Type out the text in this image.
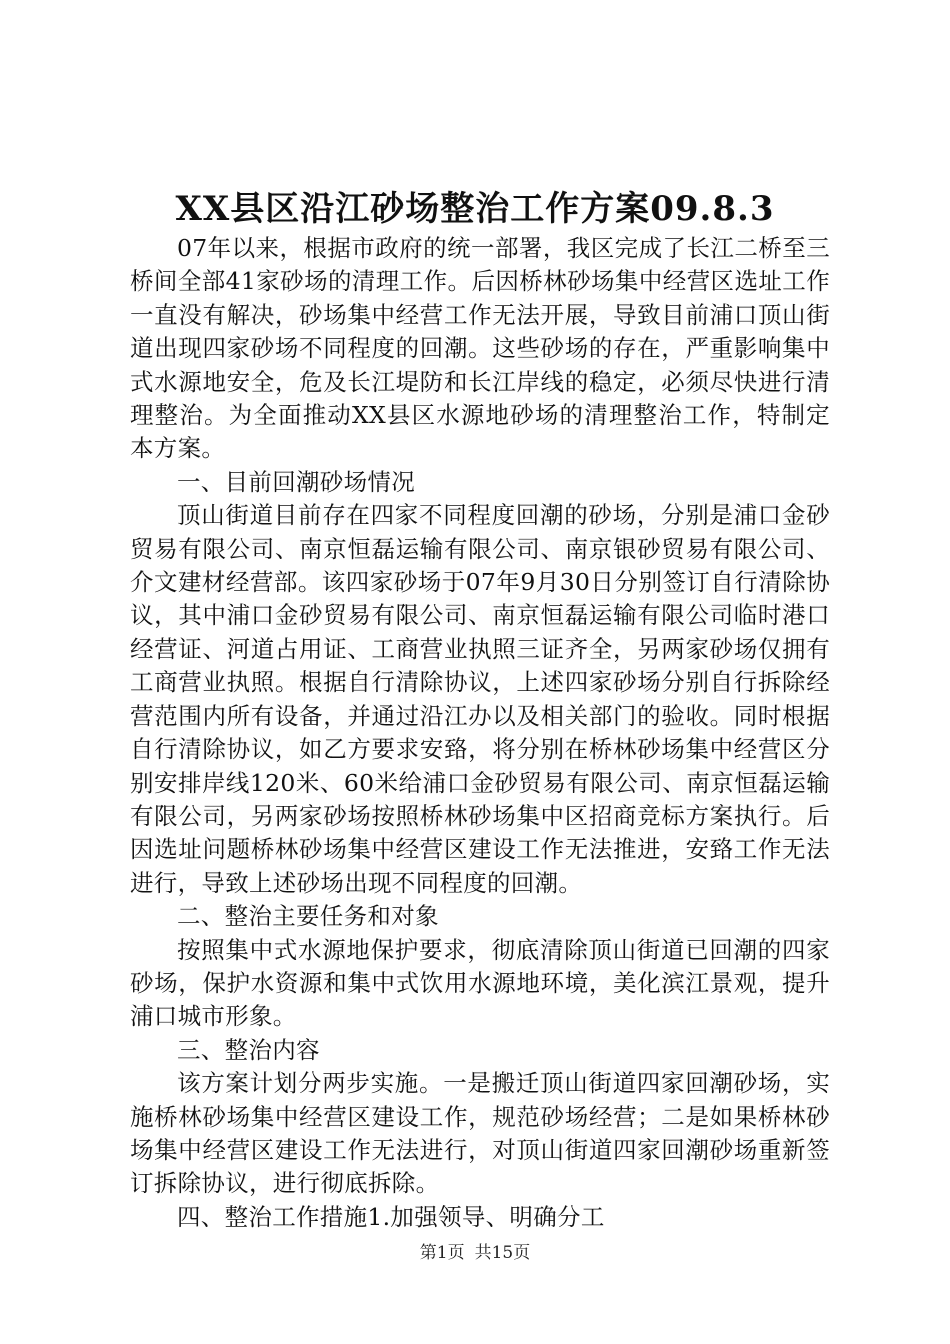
XX县区沿江砂场整治工作方案09.8.3

07年以来，根据市政府的统一部署，我区完成了长江二桥至三桥间全部41家砂场的清理工作。后因桥林砂场集中经营区选址工作一直没有解决，砂场集中经营工作无法开展，导致目前浦口顶山街道出现四家砂场不同程度的回潮。这些砂场的存在，严重影响集中式水源地安全，危及长江堤防和长江岸线的稳定，必须尽快进行清理整治。为全面推动XX县区水源地砂场的清理整治工作，特制定本方案。

一、目前回潮砂场情况

顶山街道目前存在四家不同程度回潮的砂场，分别是浦口金砂贸易有限公司、南京恒磊运输有限公司、南京银砂贸易有限公司、介文建材经营部。该四家砂场于07年9月30日分别签订自行清除协议，其中浦口金砂贸易有限公司、南京恒磊运输有限公司临时港口经营证、河道占用证、工商营业执照三证齐全，另两家砂场仅拥有工商营业执照。根据自行清除协议，上述四家砂场分别自行拆除经营范围内所有设备，并通过沿江办以及相关部门的验收。同时根据自行清除协议，如乙方要求安臵，将分别在桥林砂场集中经营区分别安排岸线120米、60米给浦口金砂贸易有限公司、南京恒磊运输有限公司，另两家砂场按照桥林砂场集中区招商竞标方案执行。后因选址问题桥林砂场集中经营区建设工作无法推进，安臵工作无法进行，导致上述砂场出现不同程度的回潮。

二、整治主要任务和对象

按照集中式水源地保护要求，彻底清除顶山街道已回潮的四家砂场，保护水资源和集中式饮用水源地环境，美化滨江景观，提升浦口城市形象。

三、整治内容

该方案计划分两步实施。一是搬迁顶山街道四家回潮砂场，实施桥林砂场集中经营区建设工作，规范砂场经营；二是如果桥林砂场集中经营区建设工作无法进行，对顶山街道四家回潮砂场重新签订拆除协议，进行彻底拆除。

四、整治工作措施1.加强领导、明确分工

第1页 共15页
